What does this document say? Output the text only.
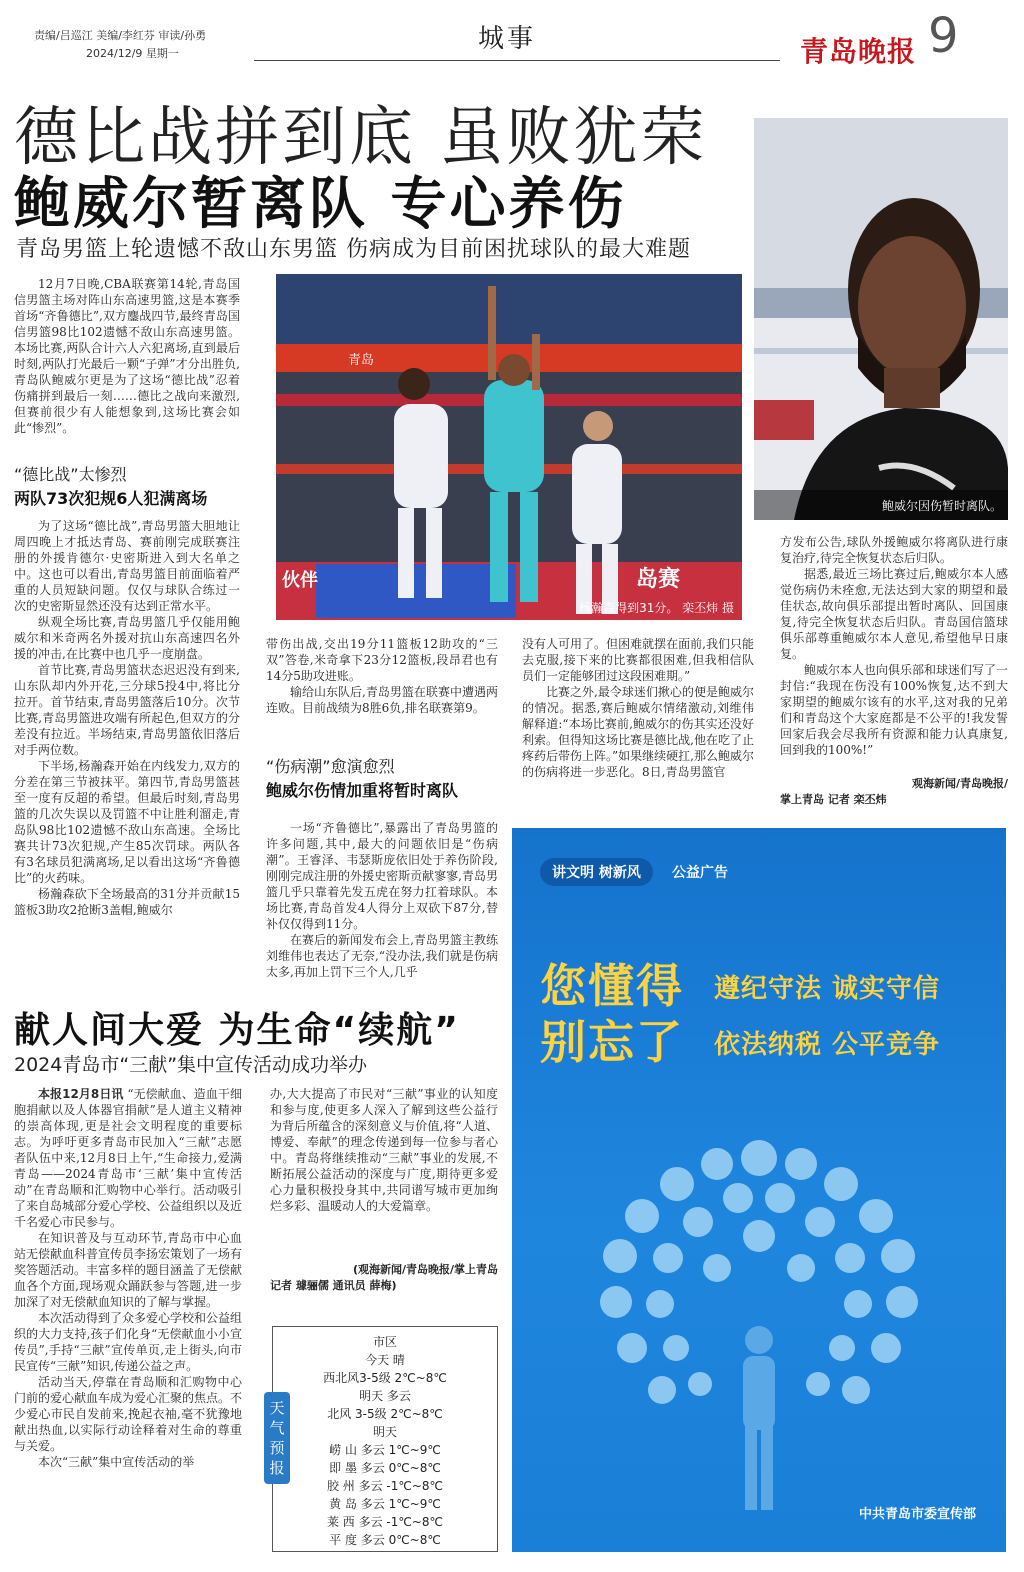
责编/吕巡江 美编/李红芬 审读/孙勇
2024/12/9 星期一	城事	青岛晚报 9
德比战拼到底 虽败犹荣
鲍威尔暂离队 专心养伤
青岛男篮上轮遗憾不敌山东男篮 伤病成为目前困扰球队的最大难题
鲍威尔因伤暂时离队。

12月7日晚,CBA联赛第14轮,青岛国信男篮主场对阵山东高速男篮,这是本赛季首场“齐鲁德比”,双方鏖战四节,最终青岛国信男篮98比102遗憾不敌山东高速男篮。本场比赛,两队合计六人六犯离场,直到最后时刻,两队打光最后一颗“子弹”才分出胜负,青岛队鲍威尔更是为了这场“德比战”忍着伤痛拼到最后一刻……德比之战向来激烈,但赛前很少有人能想象到,这场比赛会如此“惨烈”。

“德比战”太惨烈
两队73次犯规6人犯满离场

为了这场“德比战”,青岛男篮大胆地让周四晚上才抵达青岛、赛前刚完成联赛注册的外援肯德尔·史密斯进入到大名单之中。这也可以看出,青岛男篮目前面临着严重的人员短缺问题。仅仅与球队合练过一次的史密斯显然还没有达到正常水平。

纵观全场比赛,青岛男篮几乎仅能用鲍威尔和米奇两名外援对抗山东高速四名外援的冲击,在比赛中也几乎一度崩盘。

首节比赛,青岛男篮状态迟迟没有到来,山东队却内外开花,三分球5投4中,将比分拉开。首节结束,青岛男篮落后10分。次节比赛,青岛男篮进攻端有所起色,但双方的分差没有拉近。半场结束,青岛男篮依旧落后对手两位数。

下半场,杨瀚森开始在内线发力,双方的分差在第三节被抹平。第四节,青岛男篮甚至一度有反超的希望。但最后时刻,青岛男篮的几次失误以及罚篮不中让胜利溜走,青岛队98比102遗憾不敌山东高速。全场比赛共计73次犯规,产生85次罚球。两队各有3名球员犯满离场,足以看出这场“齐鲁德比”的火药味。

杨瀚森砍下全场最高的31分并贡献15篮板3助攻2抢断3盖帽,鲍威尔

青岛
伙伴	岛赛
杨瀚森得到31分。 栾丕炜 摄

带伤出战,交出19分11篮板12助攻的“三双”答卷,米奇拿下23分12篮板,段昂君也有14分5助攻进账。

输给山东队后,青岛男篮在联赛中遭遇两连败。目前战绩为8胜6负,排名联赛第9。

“伤病潮”愈演愈烈
鲍威尔伤情加重将暂时离队

一场“齐鲁德比”,暴露出了青岛男篮的许多问题,其中,最大的问题依旧是“伤病潮”。王睿泽、韦瑟斯庞依旧处于养伤阶段,刚刚完成注册的外援史密斯贡献寥寥,青岛男篮几乎只靠着先发五虎在努力扛着球队。本场比赛,青岛首发4人得分上双砍下87分,替补仅仅得到11分。

在赛后的新闻发布会上,青岛男篮主教练刘维伟也表达了无奈,“没办法,我们就是伤病太多,再加上罚下三个人,几乎

没有人可用了。但困难就摆在面前,我们只能去克服,接下来的比赛都很困难,但我相信队员们一定能够团过这段困难期。”

比赛之外,最令球迷们揪心的便是鲍威尔的情况。据悉,赛后鲍威尔情绪激动,刘维伟解释道:“本场比赛前,鲍威尔的伤其实还没好利索。但得知这场比赛是德比战,他在吃了止疼药后带伤上阵。”如果继续硬扛,那么鲍威尔的伤病将进一步恶化。8日,青岛男篮官

方发布公告,球队外援鲍威尔将离队进行康复治疗,待完全恢复状态后归队。

据悉,最近三场比赛过后,鲍威尔本人感觉伤病仍未痊愈,无法达到大家的期望和最佳状态,故向俱乐部提出暂时离队、回国康复,待完全恢复状态后归队。青岛国信篮球俱乐部尊重鲍威尔本人意见,希望他早日康复。

鲍威尔本人也向俱乐部和球迷们写了一封信:“我现在伤没有100%恢复,达不到大家期望的鲍威尔该有的水平,这对我的兄弟们和青岛这个大家庭都是不公平的!我发誓回家后我会尽我所有资源和能力认真康复,回到我的100%!”

观海新闻/青岛晚报/
掌上青岛 记者 栾丕炜
献人间大爱 为生命“续航”
2024青岛市“三献”集中宣传活动成功举办

本报12月8日讯 “无偿献血、造血干细胞捐献以及人体器官捐献”是人道主义精神的崇高体现,更是社会文明程度的重要标志。为呼吁更多青岛市民加入“三献”志愿者队伍中来,12月8日上午,“生命接力,爱满青岛——2024青岛市‘三献’集中宣传活动”在青岛顺和汇购物中心举行。活动吸引了来自岛城部分爱心学校、公益组织以及近千名爱心市民参与。

在知识普及与互动环节,青岛市中心血站无偿献血科普宣传员李扬宏策划了一场有奖答题活动。丰富多样的题目涵盖了无偿献血各个方面,现场观众踊跃参与答题,进一步加深了对无偿献血知识的了解与掌握。

本次活动得到了众多爱心学校和公益组织的大力支持,孩子们化身“无偿献血小小宣传员”,手持“三献”宣传单页,走上街头,向市民宣传“三献”知识,传递公益之声。

活动当天,停靠在青岛顺和汇购物中心门前的爱心献血车成为爱心汇聚的焦点。不少爱心市民自发前来,挽起衣袖,毫不犹豫地献出热血,以实际行动诠释着对生命的尊重与关爱。

本次“三献”集中宣传活动的举

办,大大提高了市民对“三献”事业的认知度和参与度,使更多人深入了解到这些公益行为背后所蕴含的深刻意义与价值,将“人道、博爱、奉献”的理念传递到每一位参与者心中。青岛将继续推动“三献”事业的发展,不断拓展公益活动的深度与广度,期待更多爱心力量积极投身其中,共同谱写城市更加绚烂多彩、温暖动人的大爱篇章。

(观海新闻/青岛晚报/掌上青岛
记者 璩骊儒 通讯员 薛梅)
市区
今天 晴
西北风3-5级 2℃~8℃
明天 多云
北风 3-5级 2℃~8℃
明天
崂 山 多云 1℃~9℃
即 墨 多云 0℃~8℃
胶 州 多云 -1℃~8℃
黄 岛 多云 1℃~9℃
莱 西 多云 -1℃~8℃
平 度 多云 0℃~8℃
天气预报
讲文明 树新风	公益广告
您懂得 遵纪守法 诚实守信
别忘了 依法纳税 公平竞争
中共青岛市委宣传部
